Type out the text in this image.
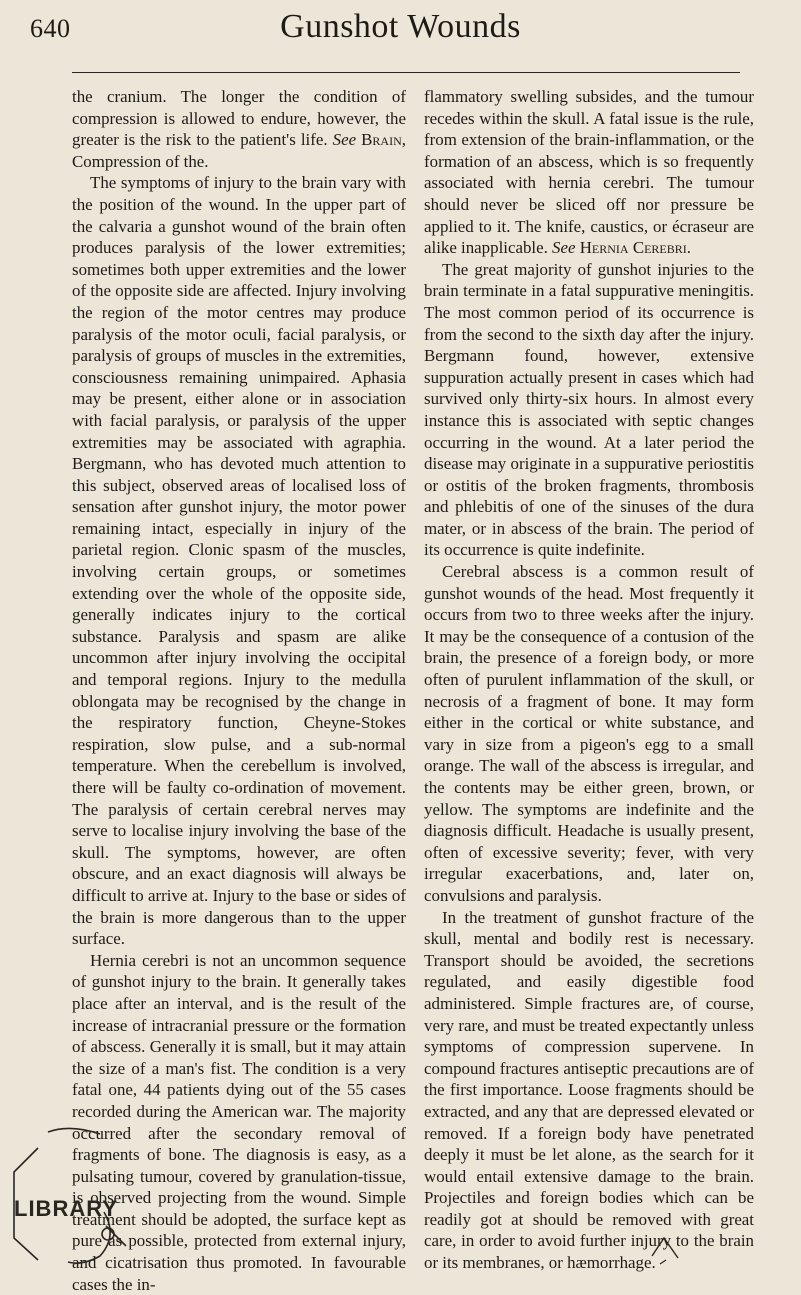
640	Gunshot Wounds

the cranium. The longer the condition of compression is allowed to endure, however, the greater is the risk to the patient's life. See Brain, Compression of the.

The symptoms of injury to the brain vary with the position of the wound. In the upper part of the calvaria a gunshot wound of the brain often produces paralysis of the lower extremities; sometimes both upper extremities and the lower of the opposite side are affected. Injury involving the region of the motor centres may produce paralysis of the motor oculi, facial paralysis, or paralysis of groups of muscles in the extremities, consciousness remaining unimpaired. Aphasia may be present, either alone or in association with facial paralysis, or paralysis of the upper extremities may be associated with agraphia. Bergmann, who has devoted much attention to this subject, observed areas of localised loss of sensation after gunshot injury, the motor power remaining intact, especially in injury of the parietal region. Clonic spasm of the muscles, involving certain groups, or sometimes extending over the whole of the opposite side, generally indicates injury to the cortical substance. Paralysis and spasm are alike uncommon after injury involving the occipital and temporal regions. Injury to the medulla oblongata may be recognised by the change in the respiratory function, Cheyne-Stokes respiration, slow pulse, and a sub-normal temperature. When the cerebellum is involved, there will be faulty co-ordination of movement. The paralysis of certain cerebral nerves may serve to localise injury involving the base of the skull. The symptoms, however, are often obscure, and an exact diagnosis will always be difficult to arrive at. Injury to the base or sides of the brain is more dangerous than to the upper surface.

Hernia cerebri is not an uncommon sequence of gunshot injury to the brain. It generally takes place after an interval, and is the result of the increase of intracranial pressure or the formation of abscess. Generally it is small, but it may attain the size of a man's fist. The condition is a very fatal one, 44 patients dying out of the 55 cases recorded during the American war. The majority occurred after the secondary removal of fragments of bone. The diagnosis is easy, as a pulsating tumour, covered by granulation-tissue, is observed projecting from the wound. Simple treatment should be adopted, the surface kept as pure as possible, protected from external injury, and cicatrisation thus promoted. In favourable cases the in-

flammatory swelling subsides, and the tumour recedes within the skull. A fatal issue is the rule, from extension of the brain-inflammation, or the formation of an abscess, which is so frequently associated with hernia cerebri. The tumour should never be sliced off nor pressure be applied to it. The knife, caustics, or écraseur are alike inapplicable. See Hernia Cerebri.

The great majority of gunshot injuries to the brain terminate in a fatal suppurative meningitis. The most common period of its occurrence is from the second to the sixth day after the injury. Bergmann found, however, extensive suppuration actually present in cases which had survived only thirty-six hours. In almost every instance this is associated with septic changes occurring in the wound. At a later period the disease may originate in a suppurative periostitis or ostitis of the broken fragments, thrombosis and phlebitis of one of the sinuses of the dura mater, or in abscess of the brain. The period of its occurrence is quite indefinite.

Cerebral abscess is a common result of gunshot wounds of the head. Most frequently it occurs from two to three weeks after the injury. It may be the consequence of a contusion of the brain, the presence of a foreign body, or more often of purulent inflammation of the skull, or necrosis of a fragment of bone. It may form either in the cortical or white substance, and vary in size from a pigeon's egg to a small orange. The wall of the abscess is irregular, and the contents may be either green, brown, or yellow. The symptoms are indefinite and the diagnosis difficult. Headache is usually present, often of excessive severity; fever, with very irregular exacerbations, and, later on, convulsions and paralysis.

In the treatment of gunshot fracture of the skull, mental and bodily rest is necessary. Transport should be avoided, the secretions regulated, and easily digestible food administered. Simple fractures are, of course, very rare, and must be treated expectantly unless symptoms of compression supervene. In compound fractures antiseptic precautions are of the first importance. Loose fragments should be extracted, and any that are depressed elevated or removed. If a foreign body have penetrated deeply it must be let alone, as the search for it would entail extensive damage to the brain. Projectiles and foreign bodies which can be readily got at should be removed with great care, in order to avoid further injury to the brain or its membranes, or hæmorrhage.

LIBRARY
